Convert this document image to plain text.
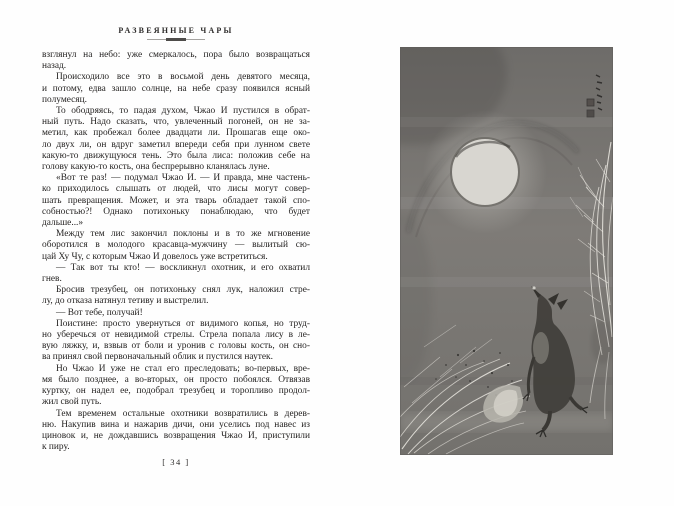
РАЗВЕЯННЫЕ ЧАРЫ
взглянул на небо: уже смеркалось, пора было возвращаться
назад.
Происходило все это в восьмой день девятого месяца,
и потому, едва зашло солнце, на небе сразу появился ясный
полумесяц.
То ободряясь, то падая духом, Чжао И пустился в обрат-
ный путь. Надо сказать, что, увлеченный погоней, он не за-
метил, как пробежал более двадцати ли. Прошагав еще око-
ло двух ли, он вдруг заметил впереди себя при лунном свете
какую-то движущуюся тень. Это была лиса: положив себе на
голову какую-то кость, она беспрерывно кланялась луне.
«Вот те раз! — подумал Чжао И. — И правда, мне частень-
ко приходилось слышать от людей, что лисы могут совер-
шать превращения. Может, и эта тварь обладает такой спо-
собностью?! Однако потихоньку понаблюдаю, что будет
дальше...»
Между тем лис закончил поклоны и в то же мгновение
оборотился в молодого красавца-мужчину — вылитый сю-
цай Ху Чу, с которым Чжао И довелось уже встретиться.
— Так вот ты кто! — воскликнул охотник, и его охватил
гнев.
Бросив трезубец, он потихоньку снял лук, наложил стре-
лу, до отказа натянул тетиву и выстрелил.
— Вот тебе, получай!
Поистине: просто увернуться от видимого копья, но труд-
но уберечься от невидимой стрелы. Стрела попала лису в ле-
вую ляжку, и, взвыв от боли и уронив с головы кость, он сно-
ва принял свой первоначальный облик и пустился наутек.
Но Чжао И уже не стал его преследовать; во-первых, вре-
мя было позднее, а во-вторых, он просто побоялся. Отвязав
куртку, он надел ее, подобрал трезубец и торопливо продол-
жил свой путь.
Тем временем остальные охотники возвратились в дерев-
ню. Накупив вина и нажарив дичи, они уселись под навес из
циновок и, не дождавшись возвращения Чжао И, приступили
к пиру.
[ 34 ]
